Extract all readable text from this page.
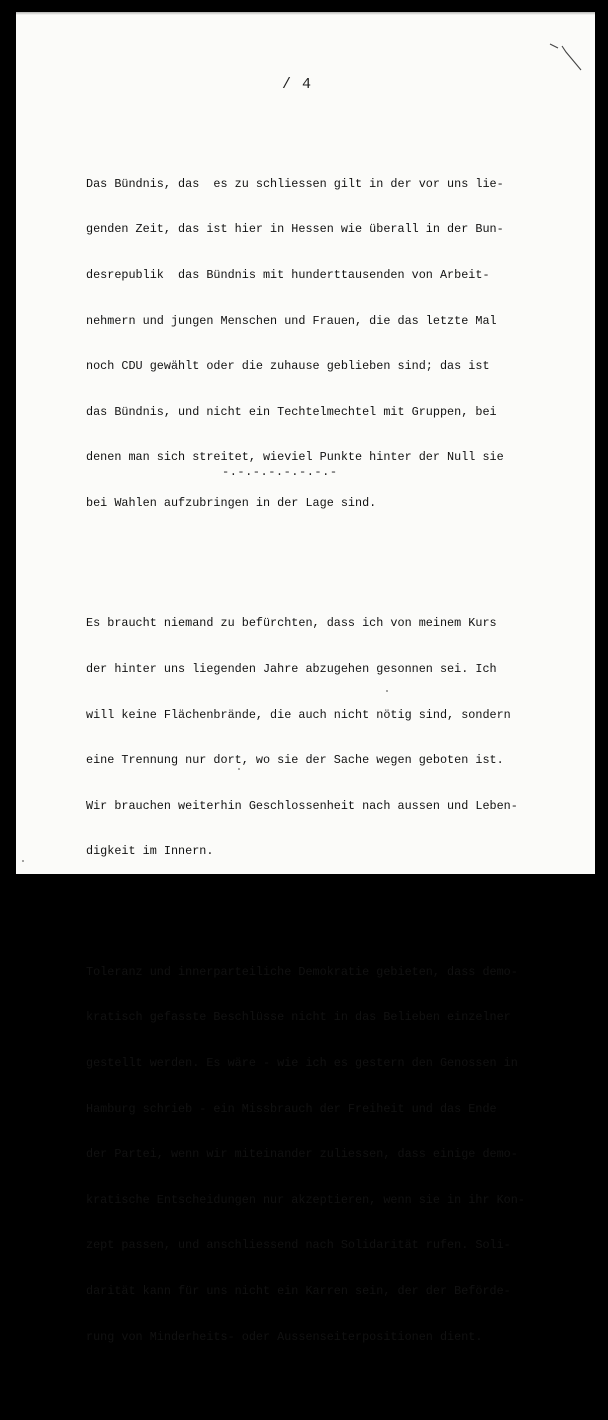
/ 4

Das Bündnis, das  es zu schliessen gilt in der vor uns lie-

genden Zeit, das ist hier in Hessen wie überall in der Bun-

desrepublik  das Bündnis mit hunderttausenden von Arbeit-

nehmern und jungen Menschen und Frauen, die das letzte Mal

noch CDU gewählt oder die zuhause geblieben sind; das ist

das Bündnis, und nicht ein Techtelmechtel mit Gruppen, bei

denen man sich streitet, wieviel Punkte hinter der Null sie

bei Wahlen aufzubringen in der Lage sind.

Es braucht niemand zu befürchten, dass ich von meinem Kurs

der hinter uns liegenden Jahre abzugehen gesonnen sei. Ich

will keine Flächenbrände, die auch nicht nötig sind, sondern

eine Trennung nur dort, wo sie der Sache wegen geboten ist.

Wir brauchen weiterhin Geschlossenheit nach aussen und Leben-

digkeit im Innern.

Toleranz und innerparteiliche Demokratie gebieten, dass demo-

kratisch gefasste Beschlüsse nicht in das Belieben einzelner

gestellt werden. Es wäre - wie ich es gestern den Genossen in

Hamburg schrieb - ein Missbrauch der Freiheit und das Ende

der Partei, wenn wir miteinander zuliessen, dass einige demo-

kratische Entscheidungen nur akzeptieren, wenn sie in ihr Kon-

zept passen, und anschliessend nach Solidarität rufen. Soli-

darität kann für uns nicht ein Karren sein, der der Beförde-

rung von Minderheits- oder Aussenseiterpositionen dient.

-.-.-.-.-.-.-.-
